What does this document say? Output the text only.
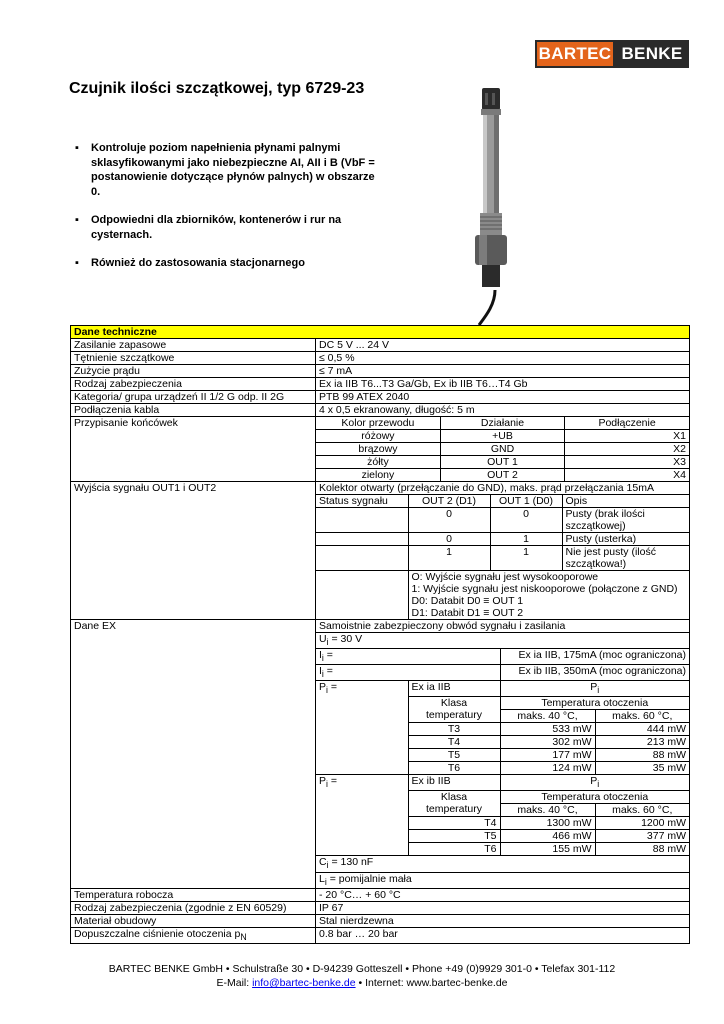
BARTEC BENKE
Czujnik ilości szczątkowej, typ 6729-23
▪ Kontroluje poziom napełnienia płynami palnymi sklasyfikowanymi jako niebezpieczne AI, AII i B (VbF = postanowienie dotyczące płynów palnych) w obszarze 0.
▪ Odpowiedni dla zbiorników, kontenerów i rur na cysternach.
▪ Również do zastosowania stacjonarnego
Dane techniczne
Zasilanie zapasowe	DC 5 V ... 24 V
Tętnienie szczątkowe	≤ 0,5 %
Zużycie prądu	≤ 7 mA
Rodzaj zabezpieczenia	Ex ia IIB T6...T3 Ga/Gb, Ex ib IIB T6…T4 Gb
Kategoria/ grupa urządzeń II 1/2 G odp. II 2G	PTB 99 ATEX 2040
Podłączenia kabla	4 x 0,5 ekranowany, długość: 5 m
Przypisanie końcówek		Kolor przewodu	Działanie	Podłączenie
różowy	+UB	X1
brązowy	GND	X2
żółty	OUT 1	X3
zielony	OUT 2	X4

Wyjścia sygnału OUT1 i OUT2		Kolektor otwarty (przełączanie do GND), maks. prąd przełączania 15mA
Status sygnału	OUT 2 (D1)	OUT 1 (D0)	Opis
	0	0	Pusty (brak ilości szczątkowej)
	0	1	Pusty (usterka)
	1	1	Nie jest pusty (ilość szczątkowa!)

O: Wyjście sygnału jest wysokooporowe
1: Wyjście sygnału jest niskooporowe (połączone z GND)
D0: Databit D0 ≡ OUT 1
D1: Databit D1 ≡ OUT 2

Dane EX		Samoistnie zabezpieczony obwód sygnału i zasilania
$U_i = 30$ V
$I_i$ =	Ex ia IIB, 175mA (moc ograniczona)
$I_i$ =	Ex ib IIB, 350mA (moc ograniczona)
$P_i$ =	Ex ia IIB	$P_i$
Klasa temperatury	Temperatura otoczenia
maks. 40 °C,	maks. 60 °C,
T3	533 mW	444 mW
T4	302 mW	213 mW
T5	177 mW	88 mW
T6	124 mW	35 mW
$P_i$ =	Ex ib IIB	$P_i$
Klasa temperatury	Temperatura otoczenia
maks. 40 °C,	maks. 60 °C,
T4	1300 mW	1200 mW
T5	466 mW	377 mW
T6	155 mW	88 mW
$C_i = 130$ nF
$L_i$ = pomijalnie mała

Temperatura robocza	- 20 °C… + 60 °C
Rodzaj zabezpieczenia (zgodnie z EN 60529)	IP 67
Materiał obudowy	Stal nierdzewna
Dopuszczalne ciśnienie otoczenia $p_N$	0.8 bar … 20 bar
BARTEC BENKE GmbH • Schulstraße 30 • D-94239 Gotteszell • Phone +49 (0)9929 301-0 • Telefax 301-112
E-Mail: info@bartec-benke.de • Internet: www.bartec-benke.de
